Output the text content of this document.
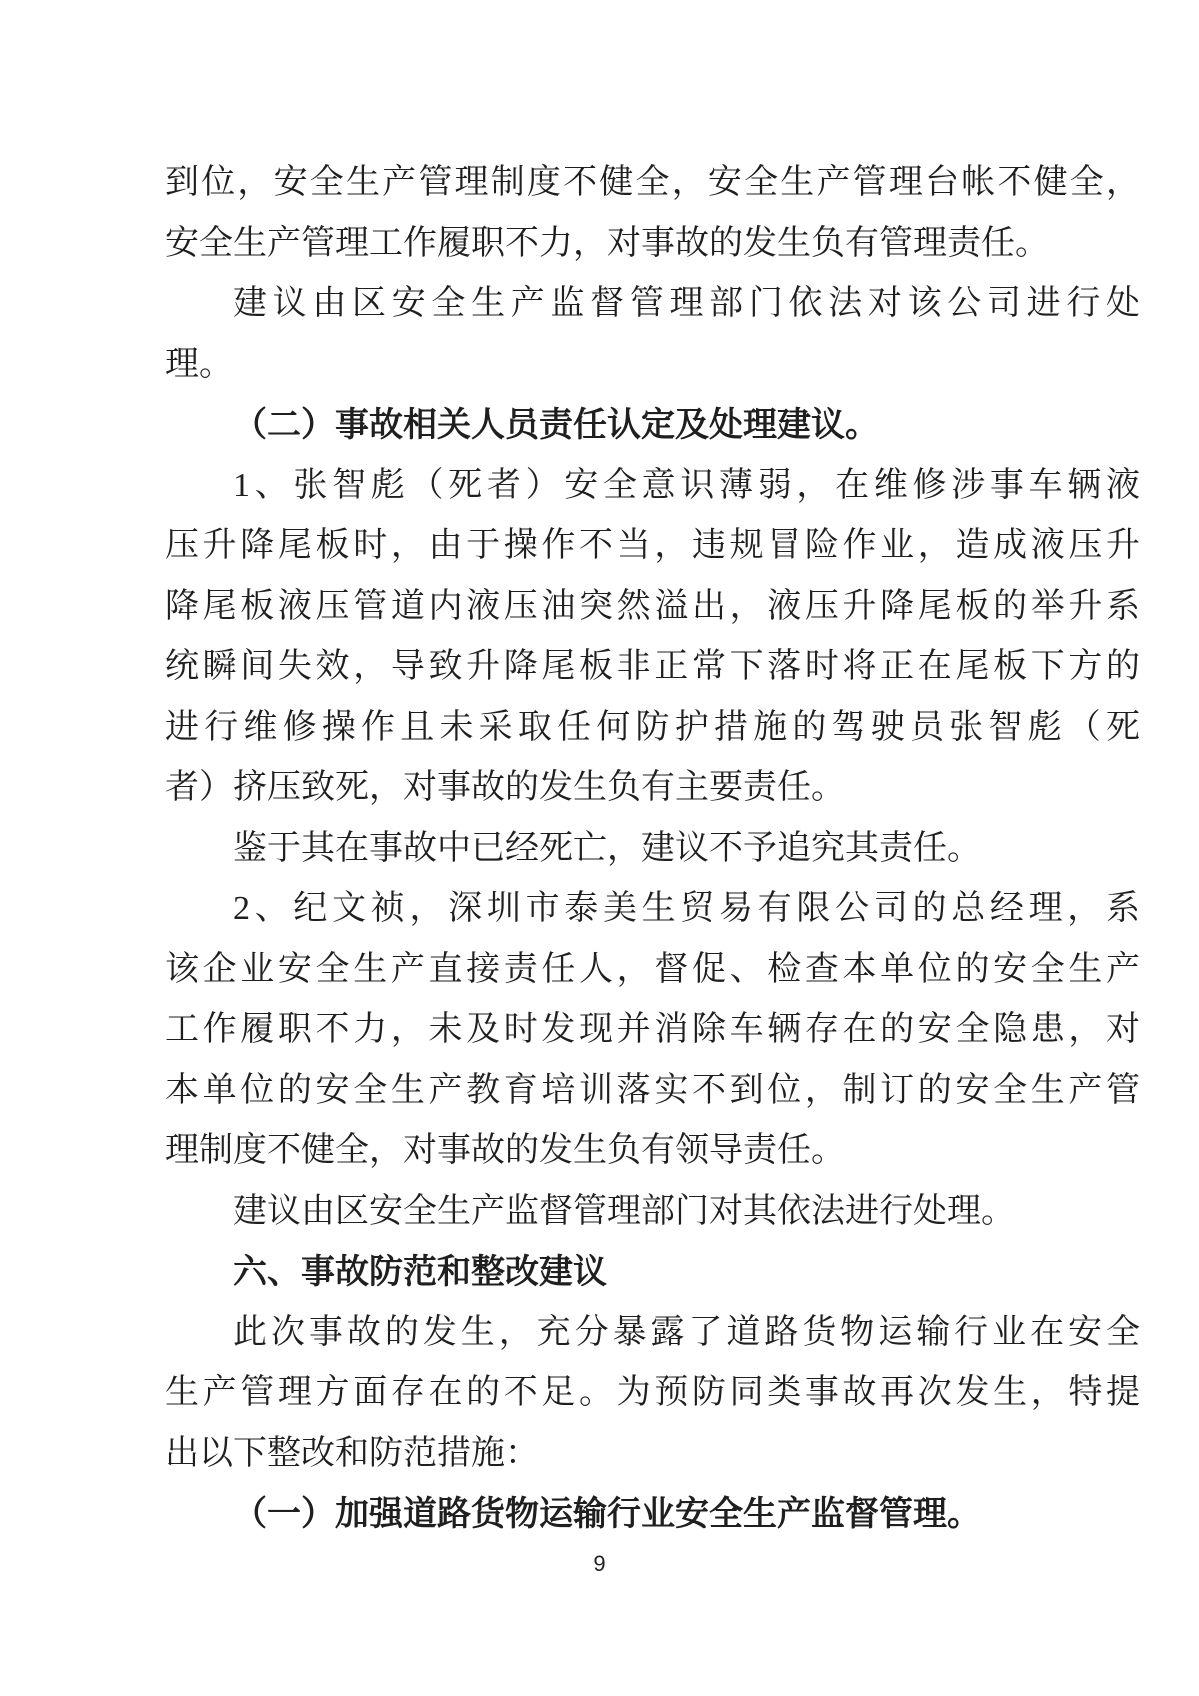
到位，安全生产管理制度不健全，安全生产管理台帐不健全，
安全生产管理工作履职不力，对事故的发生负有管理责任。
建议由区安全生产监督管理部门依法对该公司进行处
理。
（二）事故相关人员责任认定及处理建议。
1、张智彪（死者）安全意识薄弱，在维修涉事车辆液
压升降尾板时，由于操作不当，违规冒险作业，造成液压升
降尾板液压管道内液压油突然溢出，液压升降尾板的举升系
统瞬间失效，导致升降尾板非正常下落时将正在尾板下方的
进行维修操作且未采取任何防护措施的驾驶员张智彪（死
者）挤压致死，对事故的发生负有主要责任。
鉴于其在事故中已经死亡，建议不予追究其责任。
2、纪文祯，深圳市泰美生贸易有限公司的总经理，系
该企业安全生产直接责任人，督促、检查本单位的安全生产
工作履职不力，未及时发现并消除车辆存在的安全隐患，对
本单位的安全生产教育培训落实不到位，制订的安全生产管
理制度不健全，对事故的发生负有领导责任。
建议由区安全生产监督管理部门对其依法进行处理。
六、事故防范和整改建议
此次事故的发生，充分暴露了道路货物运输行业在安全
生产管理方面存在的不足。为预防同类事故再次发生，特提
出以下整改和防范措施：
（一）加强道路货物运输行业安全生产监督管理。
9
